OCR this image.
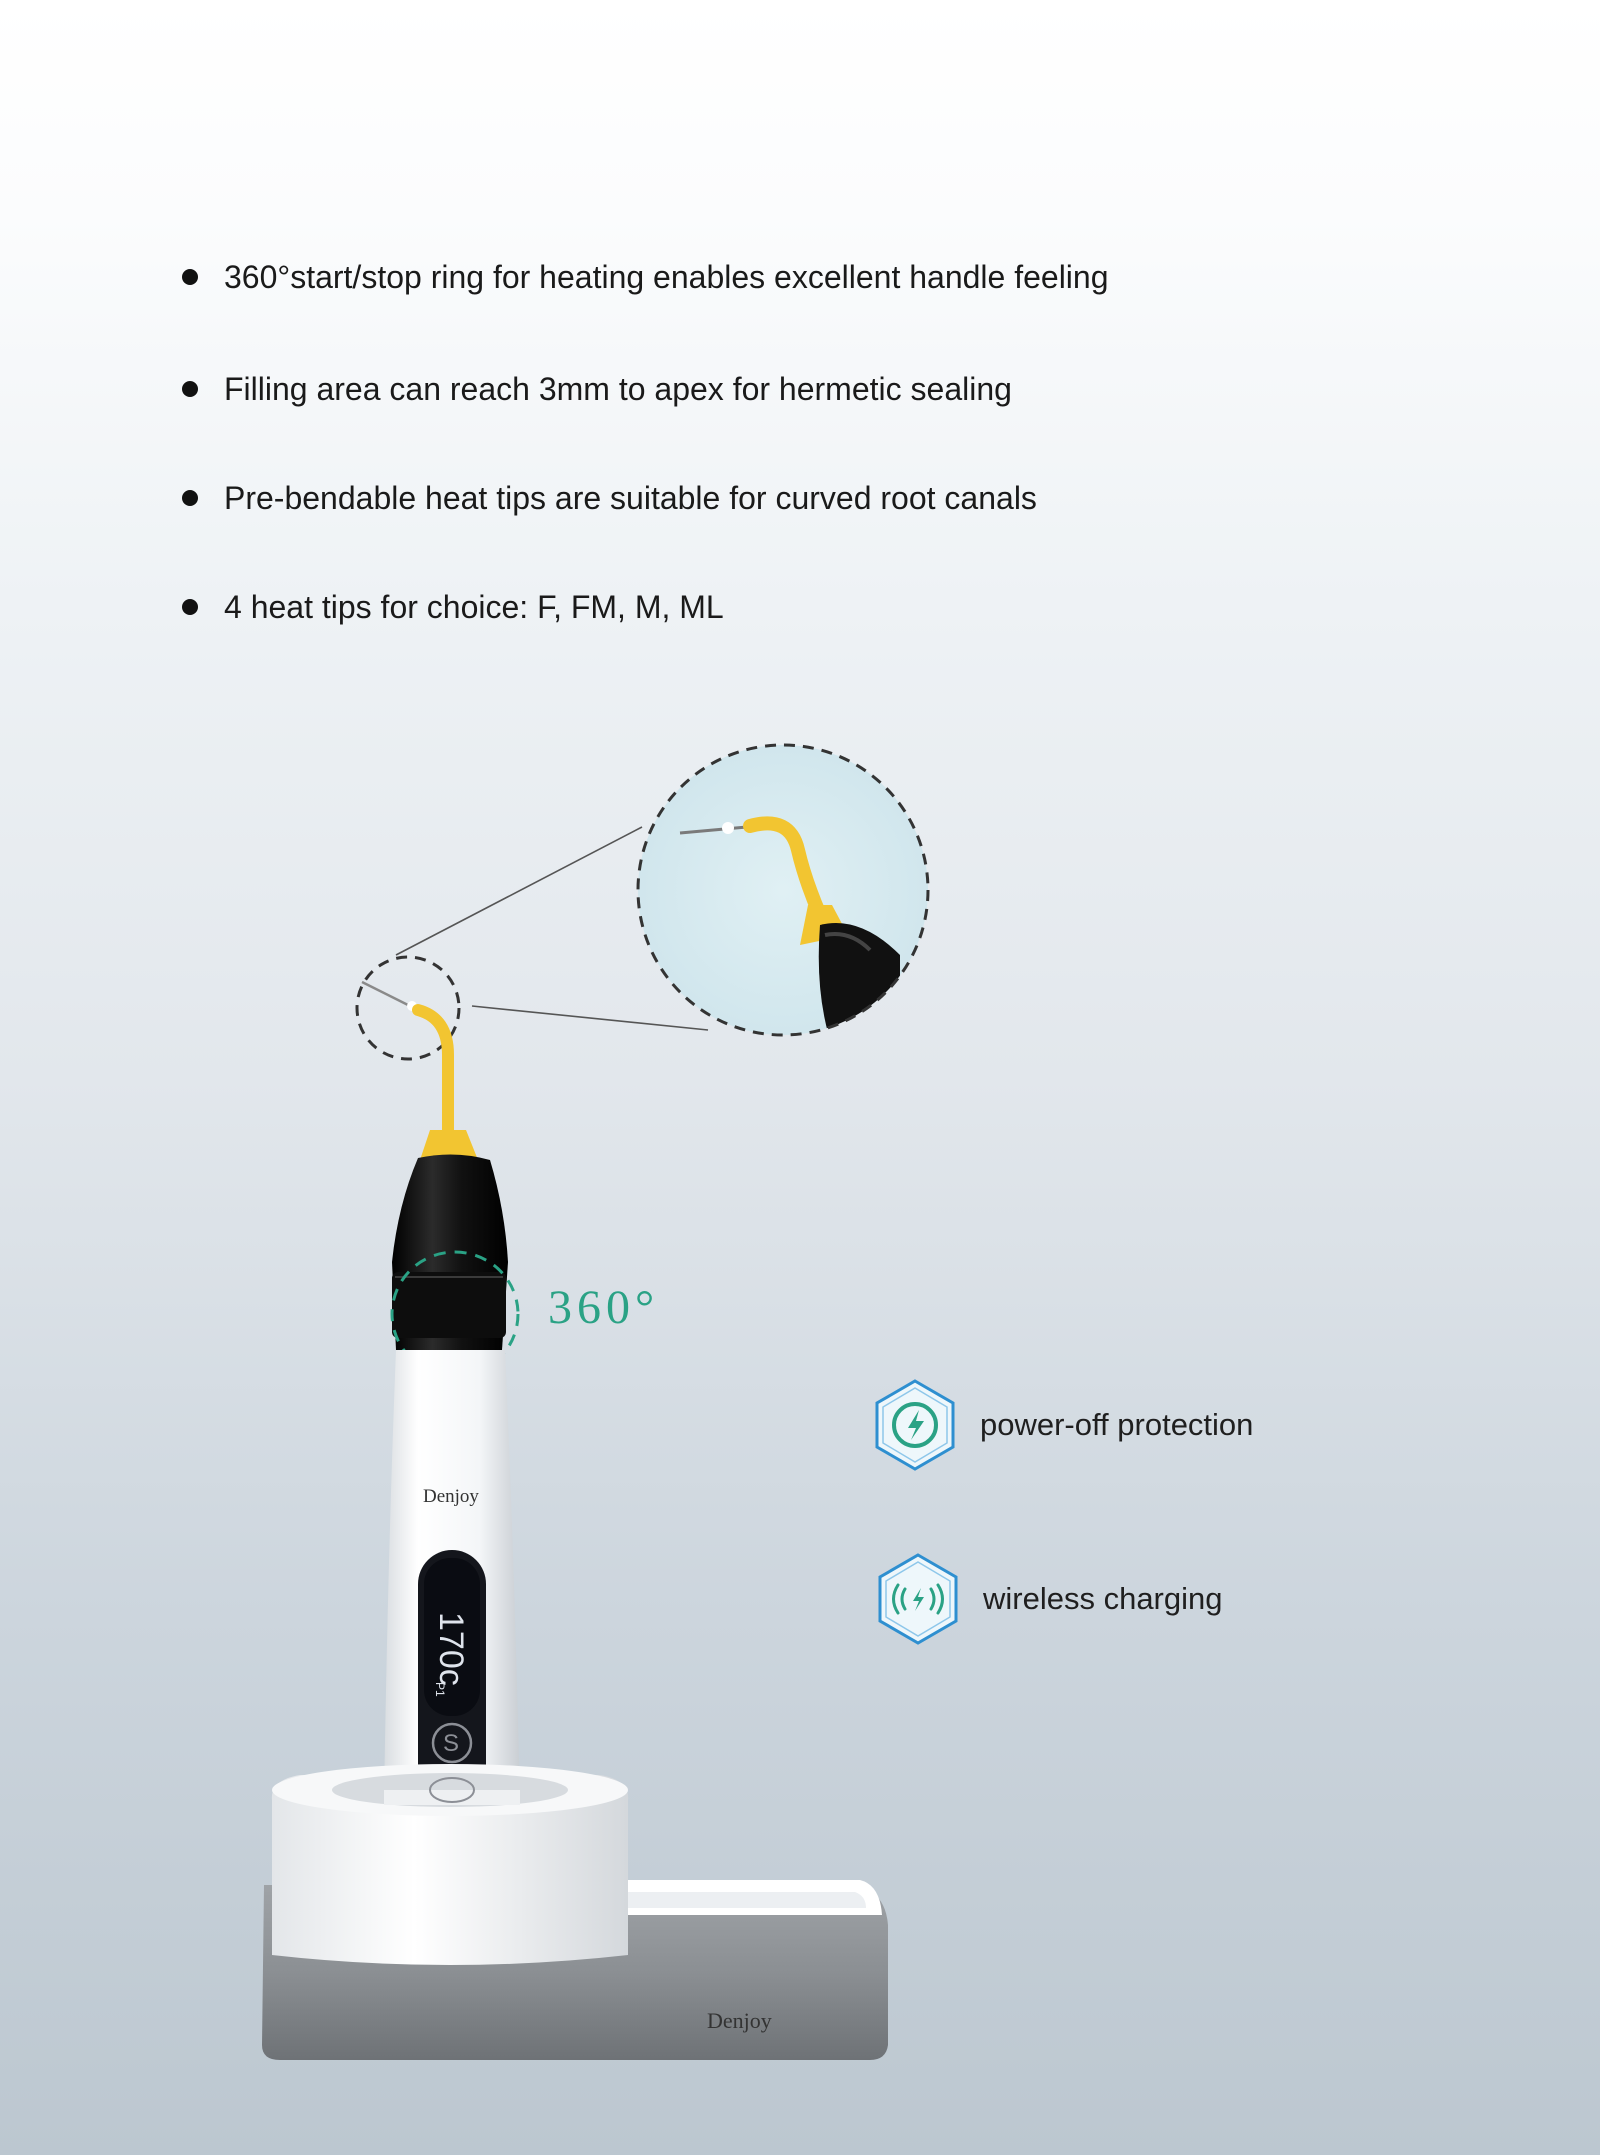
360°start/stop ring for heating enables excellent handle feeling
Filling area can reach 3mm to apex for hermetic sealing
Pre-bendable heat tips are suitable for curved root canals
4 heat tips for choice: F, FM, M, ML
Denjoy
170c
P1
S
Denjoy
360°
power-off protection
wireless charging
